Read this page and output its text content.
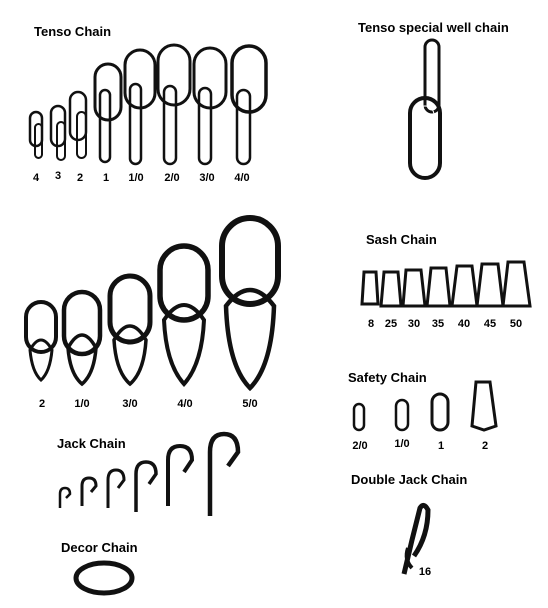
Tenso Chain
4 3 2 1 1/0 2/0 3/0 4/0
Tenso special well chain
2	1/0	3/0	4/0	5/0
Sash Chain
8 25 30 35 40 45 50
Safety Chain
2/0 1/0	1	2
Jack Chain
Double Jack Chain
16
Decor Chain
